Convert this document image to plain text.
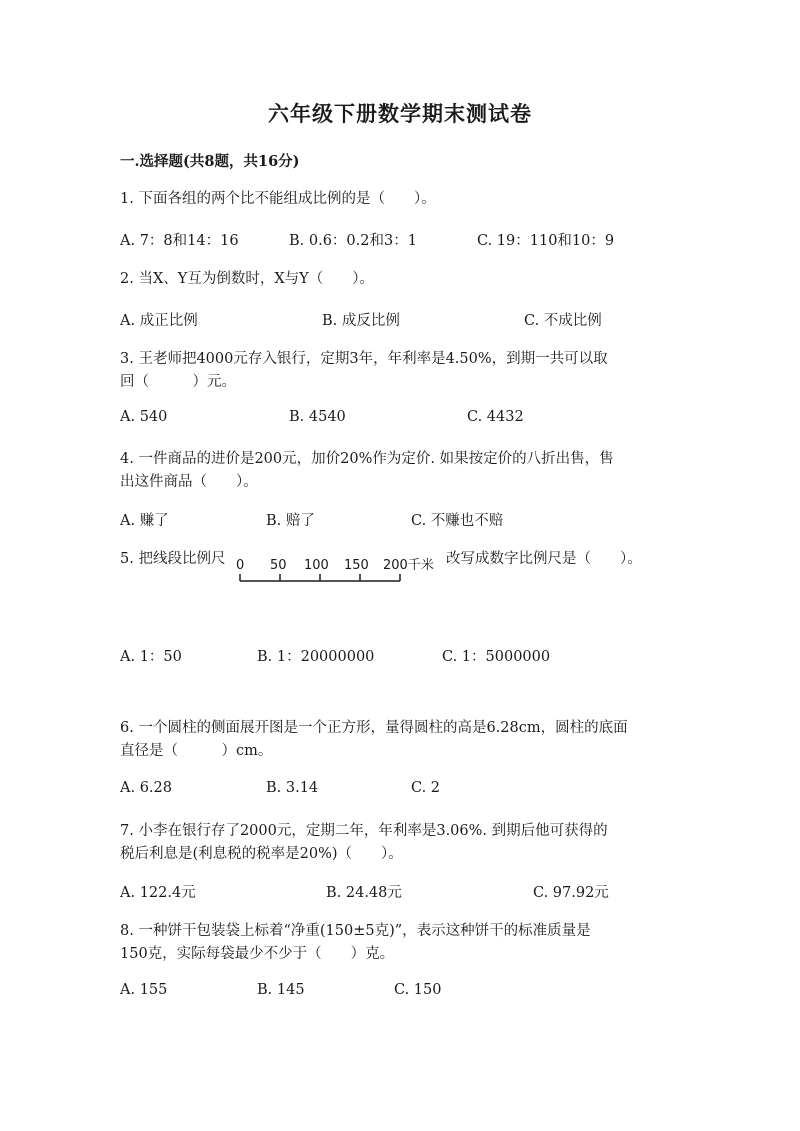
六年级下册数学期末测试卷
一.选择题(共8题，共16分)
1. 下面各组的两个比不能组成比例的是（　　）。
A. 7：8和14：16	B. 0.6：0.2和3：1	C. 19：110和10：9
2. 当X、Y互为倒数时，X与Y（　　）。
A. 成正比例	B. 成反比例	C. 不成比例
3. 王老师把4000元存入银行，定期3年，年利率是4.50%，到期一共可以取
回（　　　）元。
A. 540	B. 4540	C. 4432
4. 一件商品的进价是200元，加价20%作为定价. 如果按定价的八折出售，售
出这件商品（　　）。
A. 赚了	B. 赔了	C. 不赚也不赔
5. 把线段比例尺 0 50 100 150 200千米 改写成数字比例尺是（　　）。
A. 1：50	B. 1：20000000	C. 1：5000000
6. 一个圆柱的侧面展开图是一个正方形，量得圆柱的高是6.28cm，圆柱的底面
直径是（　　　）cm。
A. 6.28	B. 3.14	C. 2
7. 小李在银行存了2000元，定期二年，年利率是3.06%. 到期后他可获得的
税后利息是(利息税的税率是20%)（　　）。
A. 122.4元	B. 24.48元	C. 97.92元
8. 一种饼干包装袋上标着“净重(150±5克)”，表示这种饼干的标准质量是
150克，实际每袋最少不少于（　　）克。
A. 155	B. 145	C. 150
